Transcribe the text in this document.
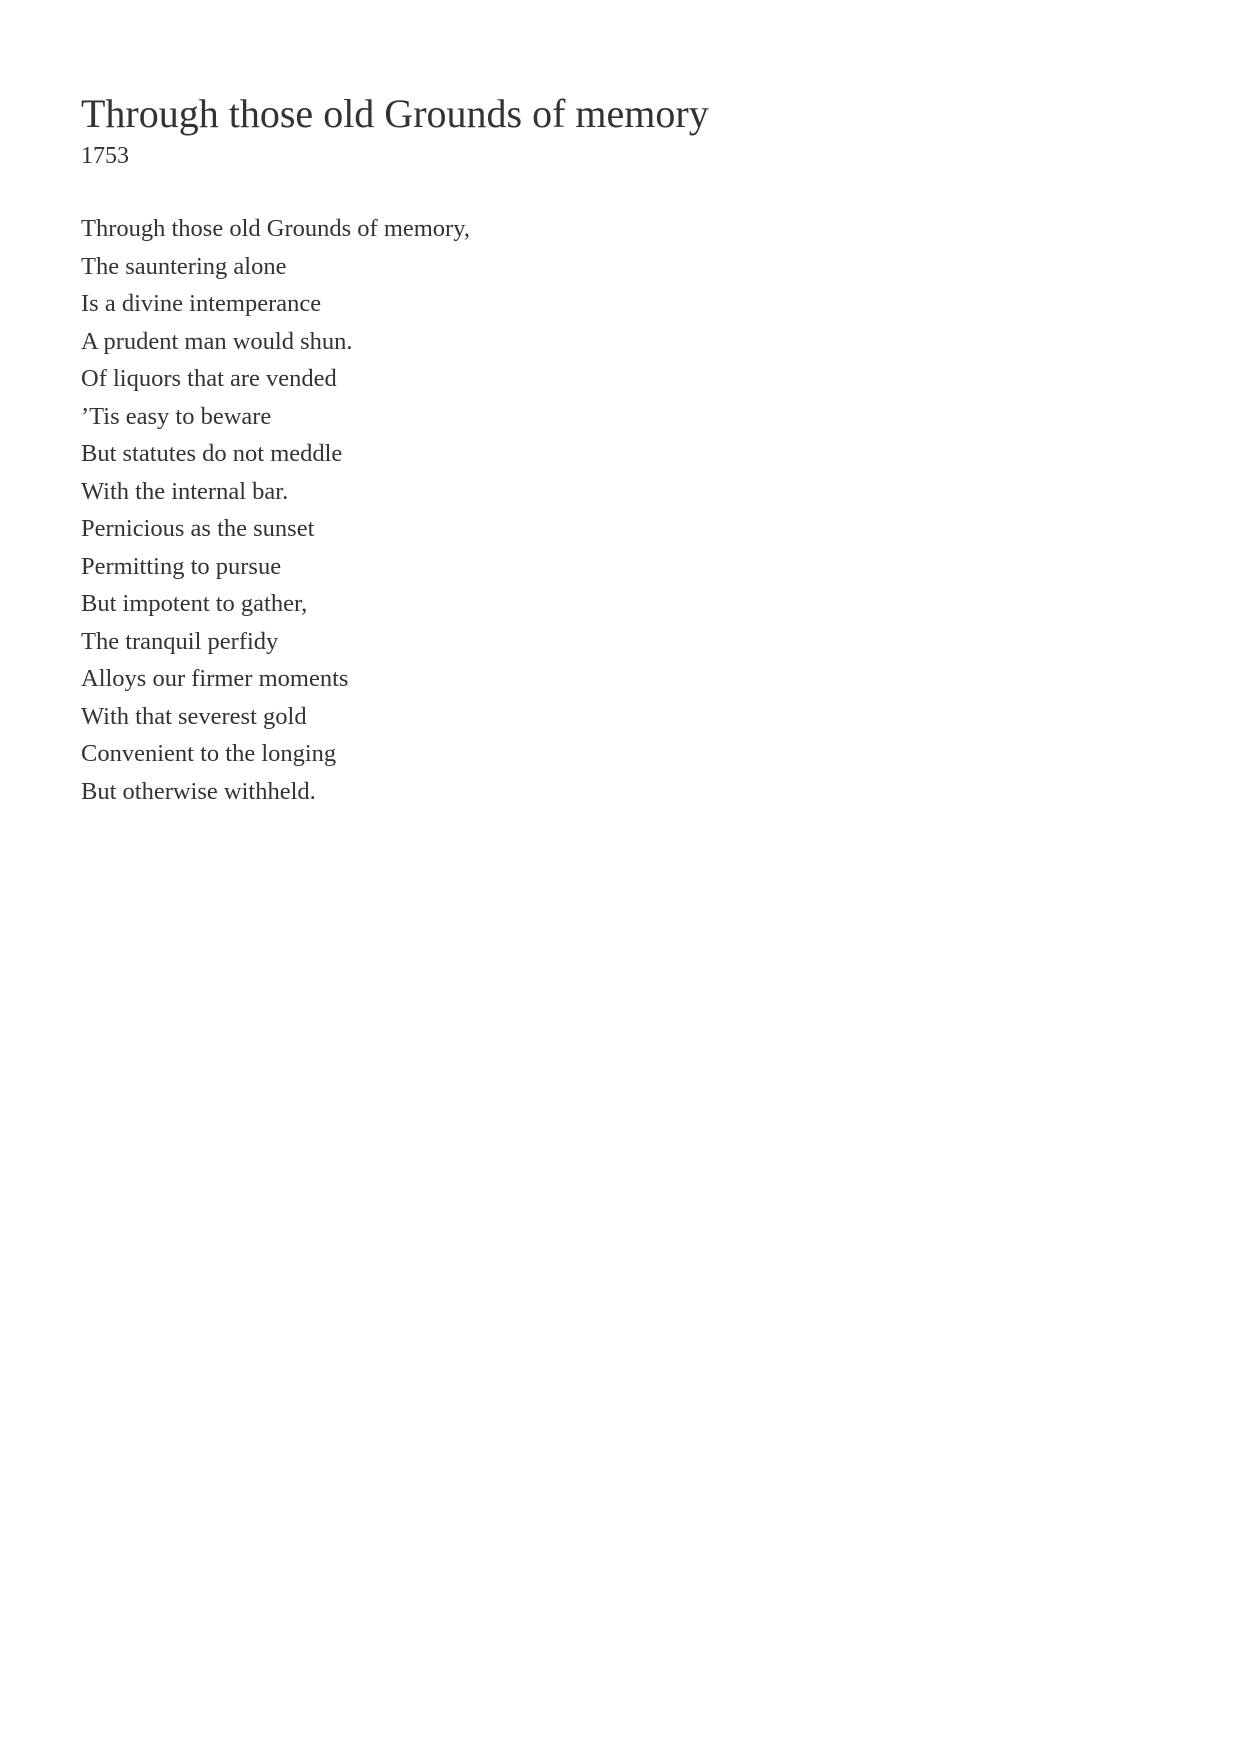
Through those old Grounds of memory

1753

Through those old Grounds of memory,
The sauntering alone
Is a divine intemperance
A prudent man would shun.
Of liquors that are vended
’Tis easy to beware
But statutes do not meddle
With the internal bar.
Pernicious as the sunset
Permitting to pursue
But impotent to gather,
The tranquil perfidy
Alloys our firmer moments
With that severest gold
Convenient to the longing
But otherwise withheld.
